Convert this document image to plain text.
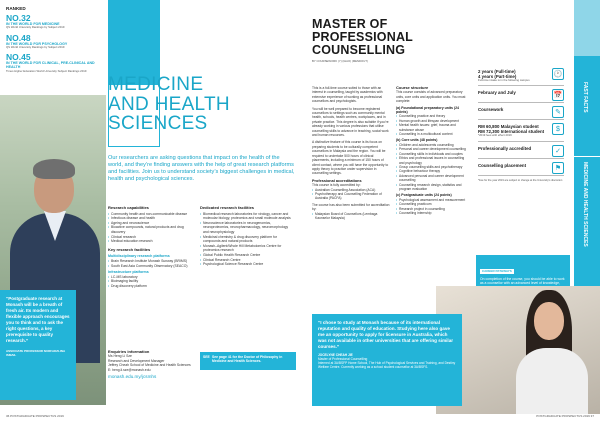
RANKED
NO.32
IN THE WORLD FOR MEDICINE
QS World University Rankings by Subject 2019
NO.48
IN THE WORLD FOR PSYCHOLOGY
QS World University Rankings by Subject 2019
NO.45
IN THE WORLD FOR CLINICAL, PRE-CLINICAL AND HEALTH
Times Higher Education World University Subject Rankings 2019
“Postgraduate research at Monash will be a breath of fresh air. Its modern and flexible approach encourages you to think and to ask the right questions, a key prerequisite to quality research.”
ASSOCIATE PROFESSOR NURFADZLINA ISMAIL
MEDICINE
AND HEALTH
SCIENCES
Our researchers are asking questions that impact on the health of the world, and they’re finding answers with the help of great research platforms and facilities. Join us to understand society’s biggest challenges in medical, health and psychological sciences.
Research capabilities
• Community health and non-communicable disease
• Infectious disease and health
• Ageing and neuroscience
• Bioactive compounds, natural products and drug discovery
• Clinical research
• Medical education research
Key research facilities
Multidisciplinary research platforms
• Brain Research Institute Monash Sunway (BRIMS)
• South East Asia Community Observatory (SEACO)
Infrastructure platforms
• LC-MS laboratory
• Bioimaging facility
• Drug discovery platform
Dedicated research facilities
• Biomedical research laboratories for virology, cancer and molecular biology, proteomics and small molecule analysis
• Neuroscience laboratories in neurogenomics, neuroproteomics, neuropharmacology, neuromorphology and neurophysiology
• Medicinal chemistry & drug discovery platform for compounds and natural products
• Monash–Agilent/Whole Hill Metabolomics Centre for proteomics research
• Global Public Health Research Centre
• Clinical Research Centre
• Psychological Science Research Centre
Enquiries information
Ms Heng Li Sze
Research and Development Manager
Jeffrey Cheah School of Medicine and Health Sciences
E: heng.li.sze@monash.edu
monash.edu.my/jcsmhs
SEE See page 41 for the Doctor of Philosophy in Medicine and Health Sciences.
36 POSTGRADUATE PROSPECTUS 2019
MASTER OF
PROFESSIONAL
COUNSELLING
BY COURSEWORK (Y) (IHAO) (MENDOUT)

This is a full-time course suited to those with an interest in counselling, taught by academics with extensive experience of working as professional counsellors and psychologists.

You will be well prepared to become registered counsellors to settings such as community mental health, schools, health centres, workplaces, and in private practice. This degree is also suitable if you’re already working in various professions that utilise counselling skills to advance in teaching, social work and human resources.

A distinctive feature of this course is its focus on preparing students to be culturally competent counsellors in Malaysia and the region. You will be required to undertake 500 hours of clinical placements, including a minimum of 150 hours of client contact, where you will have the opportunity to apply theory to practice under supervision in counselling settings.

Professional accreditations
This course is fully accredited by:
• Australian Counselling Association (ACA)
• Psychotherapy and Counselling Federation of Australia (PACFA)
The course has also been submitted for accreditation by:
• Malaysian Board of Counsellors (Lembaga Kaunselor Malaysia)
Course structure
This course consists of advanced preparatory units, core units and application units. You must complete:
(a) Foundational preparatory units (24 points)
• Counselling practice and theory
• Human growth and lifespan development
• Mental health issues: grief, trauma and substance abuse
• Counselling in a multicultural context
(b) Core units (48 points)
• Children and adolescents counselling
• Personal and career development counselling
• Counselling skills in individuals and couples
• Ethics and professional issues in counselling and psychology
• Group counselling skills and psychotherapy
• Cognitive behaviour therapy
• Advanced personal and career development counselling
• Counselling research design, statistics and program evaluation
(c) Postgraduate units (24 points)
• Psychological assessment and measurement
• Counselling practicum
• Research project in counselling
• Counselling internship
2 years (Full-time)
4 years (Part-time)
Full-time intake is in the following campus
🕐
February and July	📅
Coursework	✎
RM 60,800 Malaysian student
RM 72,300 International student
*2019 fees with effect 2019
$
Professionally accredited	✓
Counselling placement	⚑
*Fee for the year 2019 are subject to change at the University’s discretion
CAREER PATHWAYS
On completion of the course, you should be able to work as a counsellor with an advanced level of knowledge,
FAST FACTS
MEDICINE AND HEALTH SCIENCES
“I chose to study at Monash because of its international reputation and quality of education. Studying here also gave me an opportunity to apply for licensure in Australia, which was not available in other universities that are offering similar courses.”
JOCELYNE CHEAH JIE
Master of Professional Counselling
Interned at 3A/BSFP Home School, The Hub of Psychological Services and Training, and Destiny Welfare Centre. Currently working as a school student counsellor at 3A/BSFS.
POSTGRADUATE PROSPECTUS 2019 37
